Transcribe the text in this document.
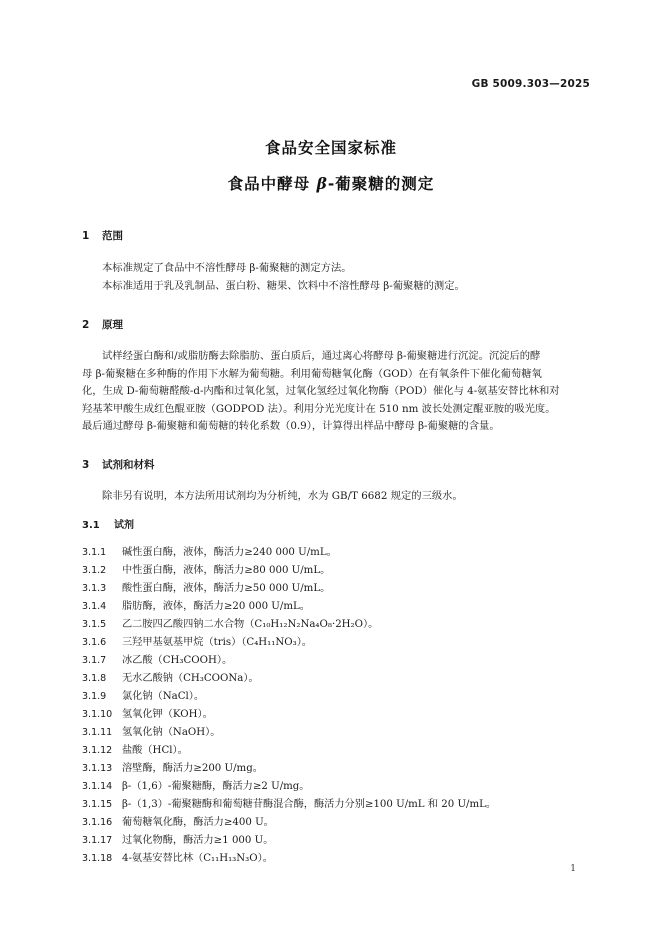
GB 5009.303—2025
食品安全国家标准
食品中酵母 β-葡聚糖的测定
1 范围
本标准规定了食品中不溶性酵母 β-葡聚糖的测定方法。
本标准适用于乳及乳制品、蛋白粉、糖果、饮料中不溶性酵母 β-葡聚糖的测定。
2 原理
试样经蛋白酶和/或脂肪酶去除脂肪、蛋白质后，通过离心将酵母 β-葡聚糖进行沉淀。沉淀后的酵
母 β-葡聚糖在多种酶的作用下水解为葡萄糖。利用葡萄糖氧化酶（GOD）在有氧条件下催化葡萄糖氧
化，生成 D-葡萄糖醛酸-d-内酯和过氧化氢，过氧化氢经过氧化物酶（POD）催化与 4-氨基安替比林和对
羟基苯甲酸生成红色醌亚胺（GODPOD 法）。利用分光光度计在 510 nm 波长处测定醌亚胺的吸光度。
最后通过酵母 β-葡聚糖和葡萄糖的转化系数（0.9），计算得出样品中酵母 β-葡聚糖的含量。
3 试剂和材料
除非另有说明，本方法所用试剂均为分析纯，水为 GB/T 6682 规定的三级水。
3.1 试剂
3.1.1 碱性蛋白酶，液体，酶活力≥240 000 U/mL。
3.1.2 中性蛋白酶，液体，酶活力≥80 000 U/mL。
3.1.3 酸性蛋白酶，液体，酶活力≥50 000 U/mL。
3.1.4 脂肪酶，液体，酶活力≥20 000 U/mL。
3.1.5 乙二胺四乙酸四钠二水合物（C₁₀H₁₂N₂Na₄O₈·2H₂O）。
3.1.6 三羟甲基氨基甲烷（tris）（C₄H₁₁NO₃）。
3.1.7 冰乙酸（CH₃COOH）。
3.1.8 无水乙酸钠（CH₃COONa）。
3.1.9 氯化钠（NaCl）。
3.1.10 氢氧化钾（KOH）。
3.1.11 氢氧化钠（NaOH）。
3.1.12 盐酸（HCl）。
3.1.13 溶壁酶，酶活力≥200 U/mg。
3.1.14 β-（1,6）-葡聚糖酶，酶活力≥2 U/mg。
3.1.15 β-（1,3）-葡聚糖酶和葡萄糖苷酶混合酶，酶活力分别≥100 U/mL 和 20 U/mL。
3.1.16 葡萄糖氧化酶，酶活力≥400 U。
3.1.17 过氧化物酶，酶活力≥1 000 U。
3.1.18 4-氨基安替比林（C₁₁H₁₃N₃O）。
1
